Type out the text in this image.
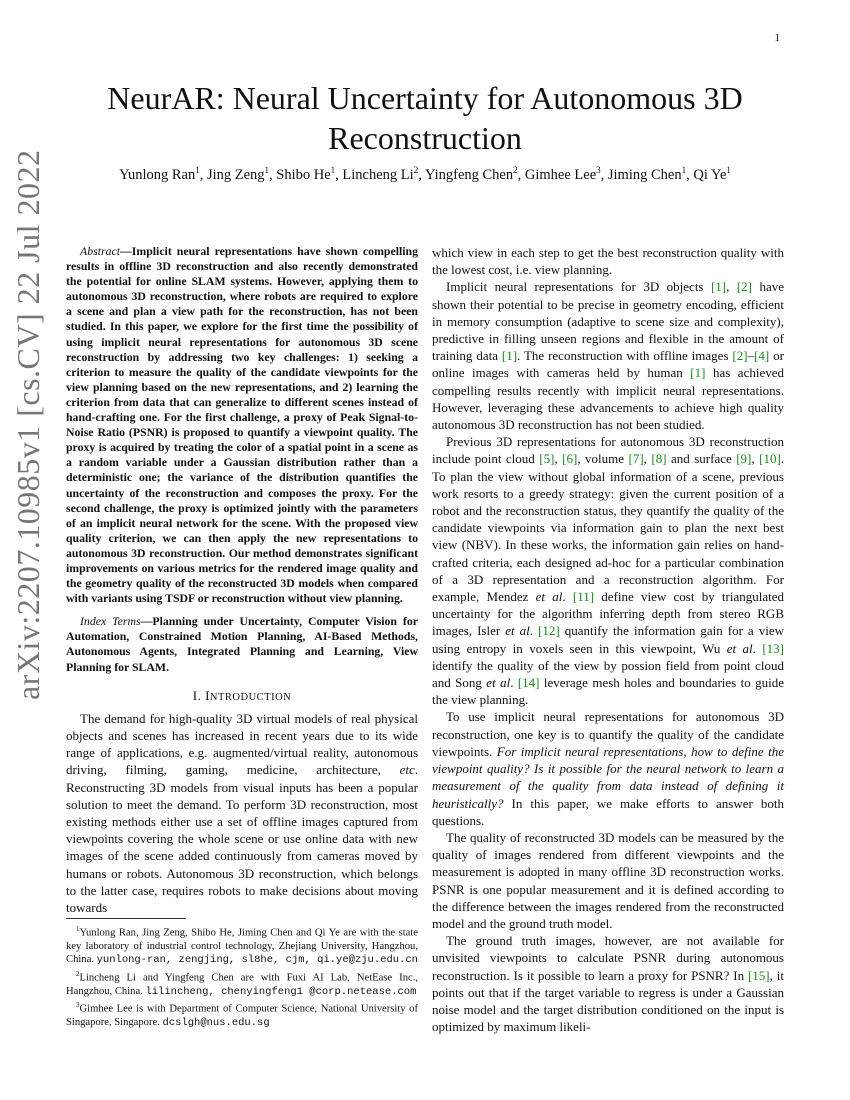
1
arXiv:2207.10985v1 [cs.CV] 22 Jul 2022
NeurAR: Neural Uncertainty for Autonomous 3D Reconstruction
Yunlong Ran$^1$, Jing Zeng$^1$, Shibo He$^1$, Lincheng Li$^2$, Yingfeng Chen$^2$, Gimhee Lee$^3$, Jiming Chen$^1$, Qi Ye$^1$

Abstract—Implicit neural representations have shown compelling results in offline 3D reconstruction and also recently demonstrated the potential for online SLAM systems. However, applying them to autonomous 3D reconstruction, where robots are required to explore a scene and plan a view path for the reconstruction, has not been studied. In this paper, we explore for the first time the possibility of using implicit neural representations for autonomous 3D scene reconstruction by addressing two key challenges: 1) seeking a criterion to measure the quality of the candidate viewpoints for the view planning based on the new representations, and 2) learning the criterion from data that can generalize to different scenes instead of hand-crafting one. For the first challenge, a proxy of Peak Signal-to-Noise Ratio (PSNR) is proposed to quantify a viewpoint quality. The proxy is acquired by treating the color of a spatial point in a scene as a random variable under a Gaussian distribution rather than a deterministic one; the variance of the distribution quantifies the uncertainty of the reconstruction and composes the proxy. For the second challenge, the proxy is optimized jointly with the parameters of an implicit neural network for the scene. With the proposed view quality criterion, we can then apply the new representations to autonomous 3D reconstruction. Our method demonstrates significant improvements on various metrics for the rendered image quality and the geometry quality of the reconstructed 3D models when compared with variants using TSDF or reconstruction without view planning.

Index Terms—Planning under Uncertainty, Computer Vision for Automation, Constrained Motion Planning, AI-Based Methods, Autonomous Agents, Integrated Planning and Learning, View Planning for SLAM.

I. INTRODUCTION

The demand for high-quality 3D virtual models of real physical objects and scenes has increased in recent years due to its wide range of applications, e.g. augmented/virtual reality, autonomous driving, filming, gaming, medicine, architecture, etc. Reconstructing 3D models from visual inputs has been a popular solution to meet the demand. To perform 3D reconstruction, most existing methods either use a set of offline images captured from viewpoints covering the whole scene or use online data with new images of the scene added continuously from cameras moved by humans or robots. Autonomous 3D reconstruction, which belongs to the latter case, requires robots to make decisions about moving towards

$^1$Yunlong Ran, Jing Zeng, Shibo He, Jiming Chen and Qi Ye are with the state key laboratory of industrial control technology, Zhejiang University, Hangzhou, China. yunlong-ran, zengjing, sl8he, cjm, qi.ye@zju.edu.cn

$^2$Lincheng Li and Yingfeng Chen are with Fuxi AI Lab, NetEase Inc., Hangzhou, China. lilincheng, chenyingfeng1 @corp.netease.com

$^3$Gimhee Lee is with Department of Computer Science, National University of Singapore, Singapore. dcslgh@nus.edu.sg

which view in each step to get the best reconstruction quality with the lowest cost, i.e. view planning.

Implicit neural representations for 3D objects [1], [2] have shown their potential to be precise in geometry encoding, efficient in memory consumption (adaptive to scene size and complexity), predictive in filling unseen regions and flexible in the amount of training data [1]. The reconstruction with offline images [2]–[4] or online images with cameras held by human [1] has achieved compelling results recently with implicit neural representations. However, leveraging these advancements to achieve high quality autonomous 3D reconstruction has not been studied.

Previous 3D representations for autonomous 3D reconstruction include point cloud [5], [6], volume [7], [8] and surface [9], [10]. To plan the view without global information of a scene, previous work resorts to a greedy strategy: given the current position of a robot and the reconstruction status, they quantify the quality of the candidate viewpoints via information gain to plan the next best view (NBV). In these works, the information gain relies on hand-crafted criteria, each designed ad-hoc for a particular combination of a 3D representation and a reconstruction algorithm. For example, Mendez et al. [11] define view cost by triangulated uncertainty for the algorithm inferring depth from stereo RGB images, Isler et al. [12] quantify the information gain for a view using entropy in voxels seen in this viewpoint, Wu et al. [13] identify the quality of the view by possion field from point cloud and Song et al. [14] leverage mesh holes and boundaries to guide the view planning.

To use implicit neural representations for autonomous 3D reconstruction, one key is to quantify the quality of the candidate viewpoints. For implicit neural representations, how to define the viewpoint quality? Is it possible for the neural network to learn a measurement of the quality from data instead of defining it heuristically? In this paper, we make efforts to answer both questions.

The quality of reconstructed 3D models can be measured by the quality of images rendered from different viewpoints and the measurement is adopted in many offline 3D reconstruction works. PSNR is one popular measurement and it is defined according to the difference between the images rendered from the reconstructed model and the ground truth model.

The ground truth images, however, are not available for unvisited viewpoints to calculate PSNR during autonomous reconstruction. Is it possible to learn a proxy for PSNR? In [15], it points out that if the target variable to regress is under a Gaussian noise model and the target distribution conditioned on the input is optimized by maximum likeli-
